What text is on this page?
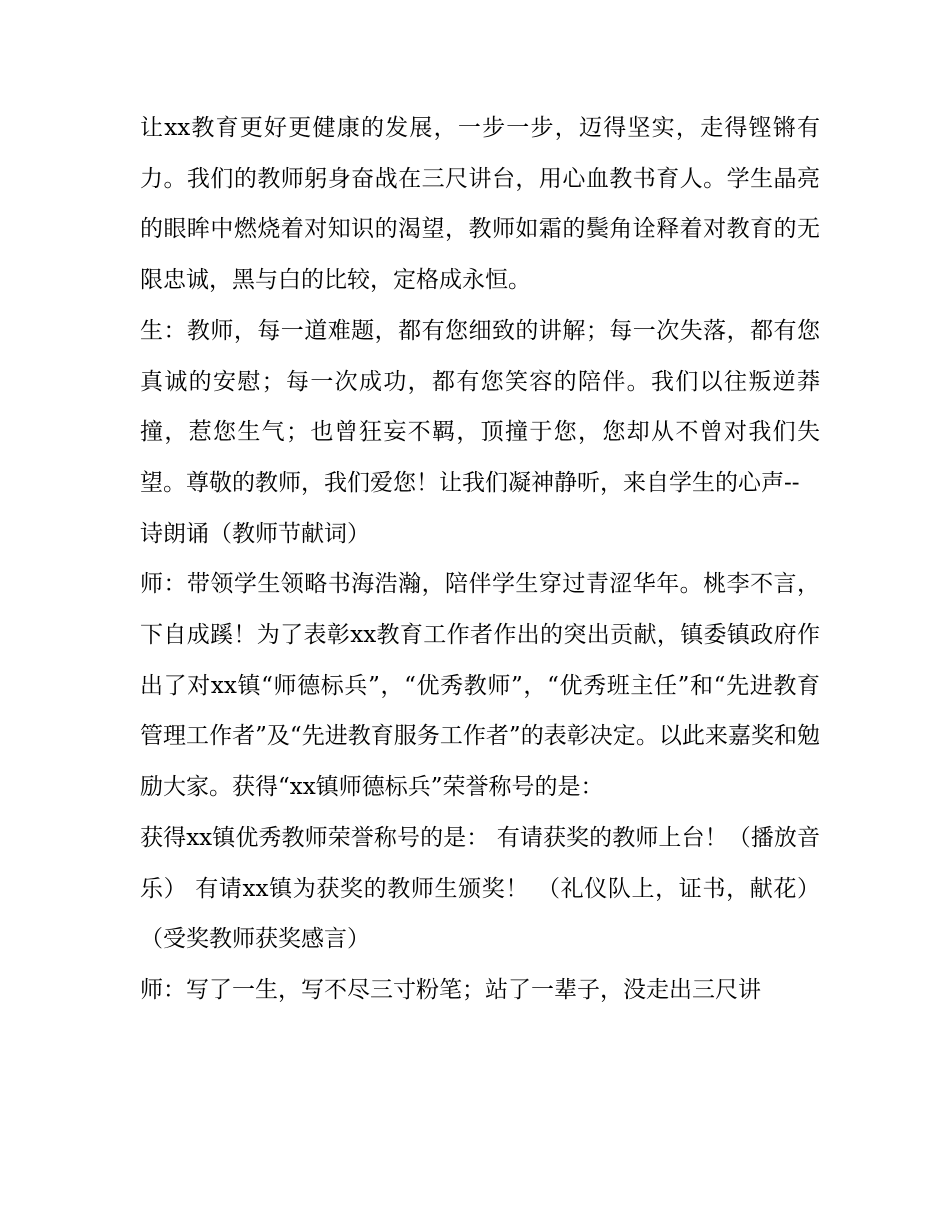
让xx教育更好更健康的发展，一步一步，迈得坚实，走得铿锵有力。我们的教师躬身奋战在三尺讲台，用心血教书育人。学生晶亮的眼眸中燃烧着对知识的渴望，教师如霜的鬓角诠释着对教育的无限忠诚，黑与白的比较，定格成永恒。

生：教师，每一道难题，都有您细致的讲解；每一次失落，都有您真诚的安慰；每一次成功，都有您笑容的陪伴。我们以往叛逆莽撞，惹您生气；也曾狂妄不羁，顶撞于您，您却从不曾对我们失望。尊敬的教师，我们爱您！让我们凝神静听，来自学生的心声--

诗朗诵（教师节献词）

师：带领学生领略书海浩瀚，陪伴学生穿过青涩华年。桃李不言，下自成蹊！为了表彰xx教育工作者作出的突出贡献，镇委镇政府作出了对xx镇“师德标兵”，“优秀教师”，“优秀班主任”和“先进教育管理工作者”及“先进教育服务工作者”的表彰决定。以此来嘉奖和勉励大家。获得“xx镇师德标兵”荣誉称号的是：

获得xx镇优秀教师荣誉称号的是： 有请获奖的教师上台！（播放音乐） 有请xx镇为获奖的教师生颁奖！ （礼仪队上，证书，献花）（受奖教师获奖感言）

师：写了一生，写不尽三寸粉笔；站了一辈子，没走出三尺讲
